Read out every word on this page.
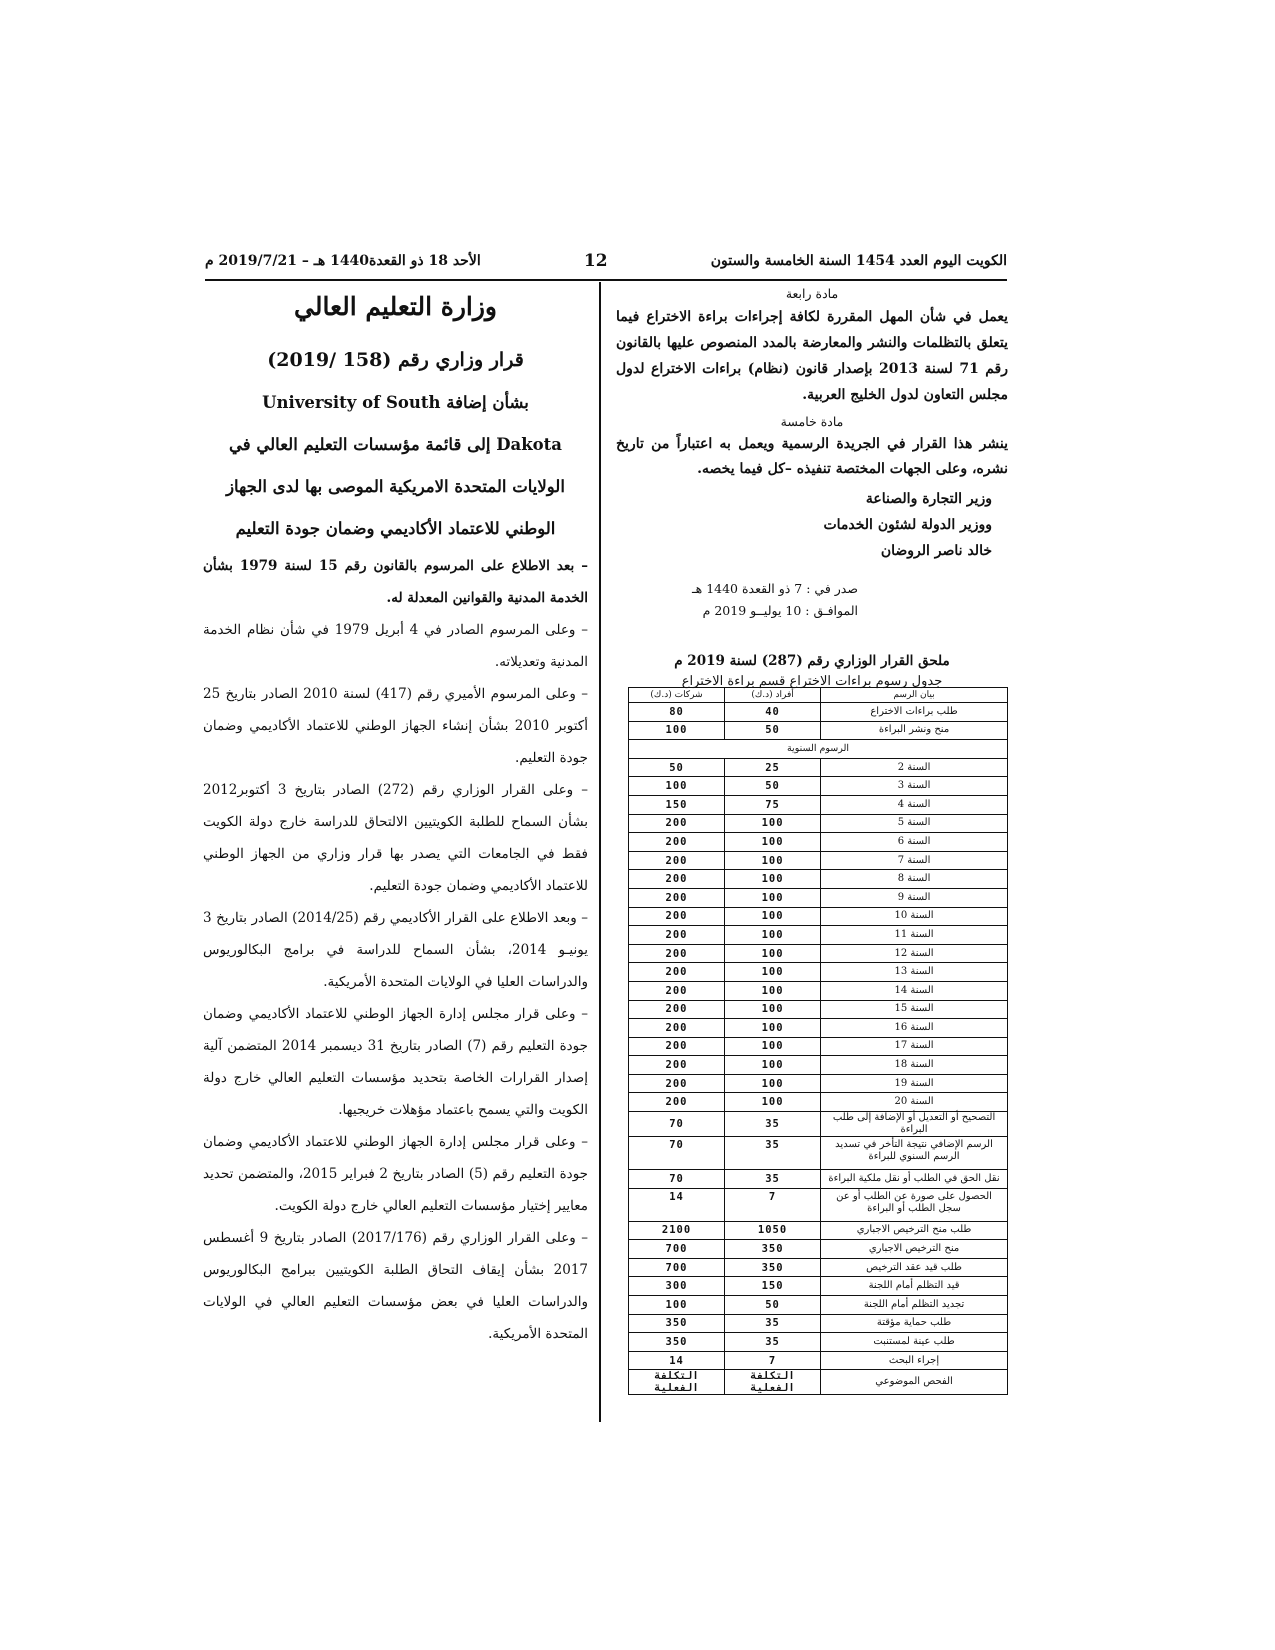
الأحد 18 ذو القعدة1440 هـ – 2019/7/21 م	12	الكويت اليوم العدد 1454 السنة الخامسة والستون
مادة رابعة
يعمل في شأن المهل المقررة لكافة إجراءات براءة الاختراع فيما يتعلق بالتظلمات والنشر والمعارضة بالمدد المنصوص عليها بالقانون رقم 71 لسنة 2013 بإصدار قانون (نظام) براءات الاختراع لدول مجلس التعاون لدول الخليج العربية.
مادة خامسة
ينشر هذا القرار في الجريدة الرسمية ويعمل به اعتباراً من تاريخ نشره، وعلى الجهات المختصة تنفيذه –كل فيما يخصه.
وزير التجارة والصناعة
ووزير الدولة لشئون الخدمات
خالد ناصر الروضان
صدر في : 7 ذو القعدة 1440 هـ
الموافـق : 10 يوليــو 2019 م
ملحق القرار الوزاري رقم (287) لسنة 2019 م
جدول رسوم براءات الاختراع قسم براءة الاختراع
بيان الرسم	أفراد (د.ك)	شركات (د.ك)
طلب براءات الاختراع	40	80
منح ونشر البراءة	50	100
الرسوم السنوية		
السنة 2	25	50
السنة 3	50	100
السنة 4	75	150
السنة 5	100	200
السنة 6	100	200
السنة 7	100	200
السنة 8	100	200
السنة 9	100	200
السنة 10	100	200
السنة 11	100	200
السنة 12	100	200
السنة 13	100	200
السنة 14	100	200
السنة 15	100	200
السنة 16	100	200
السنة 17	100	200
السنة 18	100	200
السنة 19	100	200
السنة 20	100	200
التصحيح أو التعديل أو الإضافة إلى طلب البراءة	35	70
الرسم الإضافي نتيجة التأخر في تسديد الرسم السنوي للبراءة	35	70
نقل الحق في الطلب أو نقل ملكية البراءة	35	70
الحصول على صورة عن الطلب أو عن سجل الطلب أو البراءة	7	14
طلب منح الترخيص الاجباري	1050	2100
منح الترخيص الاجباري	350	700
طلب قيد عقد الترخيص	350	700
قيد التظلم أمام اللجنة	150	300
تجديد التظلم أمام اللجنة	50	100
طلب حماية مؤقتة	35	350
طلب عينة لمستنبت	35	350
إجراء البحث	7	14
الفحص الموضوعي	التكلفة الفعلية	التكلفة الفعلية
وزارة التعليم العالي
قرار وزاري رقم (158 /2019)
بشأن إضافة University of South
Dakota إلى قائمة مؤسسات التعليم العالي في
الولايات المتحدة الامريكية الموصى بها لدى الجهاز
الوطني للاعتماد الأكاديمي وضمان جودة التعليم

– بعد الاطلاع على المرسوم بالقانون رقم 15 لسنة 1979 بشأن الخدمة المدنية والقوانين المعدلة له.

– وعلى المرسوم الصادر في 4 أبريل 1979 في شأن نظام الخدمة المدنية وتعديلاته.

– وعلى المرسوم الأميري رقم (417) لسنة 2010 الصادر بتاريخ 25 أكتوبر 2010 بشأن إنشاء الجهاز الوطني للاعتماد الأكاديمي وضمان جودة التعليم.

– وعلى القرار الوزاري رقم (272) الصادر بتاريخ 3 أكتوبر2012 بشأن السماح للطلبة الكويتيين الالتحاق للدراسة خارج دولة الكويت فقط في الجامعات التي يصدر بها قرار وزاري من الجهاز الوطني للاعتماد الأكاديمي وضمان جودة التعليم.

– وبعد الاطلاع على القرار الأكاديمي رقم (2014/25) الصادر بتاريخ 3 يونيـو 2014، بشأن السماح للدراسة في برامج البكالوريوس والدراسات العليا في الولايات المتحدة الأمريكية.

– وعلى قرار مجلس إدارة الجهاز الوطني للاعتماد الأكاديمي وضمان جودة التعليم رقم (7) الصادر بتاريخ 31 ديسمبر 2014 المتضمن آلية إصدار القرارات الخاصة بتحديد مؤسسات التعليم العالي خارج دولة الكويت والتي يسمح باعتماد مؤهلات خريجيها.

– وعلى قرار مجلس إدارة الجهاز الوطني للاعتماد الأكاديمي وضمان جودة التعليم رقم (5) الصادر بتاريخ 2 فبراير 2015، والمتضمن تحديد معايير إختيار مؤسسات التعليم العالي خارج دولة الكويت.

– وعلى القرار الوزاري رقم (2017/176) الصادر بتاريخ 9 أغسطس 2017 بشأن إيقاف التحاق الطلبة الكويتيين ببرامج البكالوريوس والدراسات العليا في بعض مؤسسات التعليم العالي في الولايات المتحدة الأمريكية.
